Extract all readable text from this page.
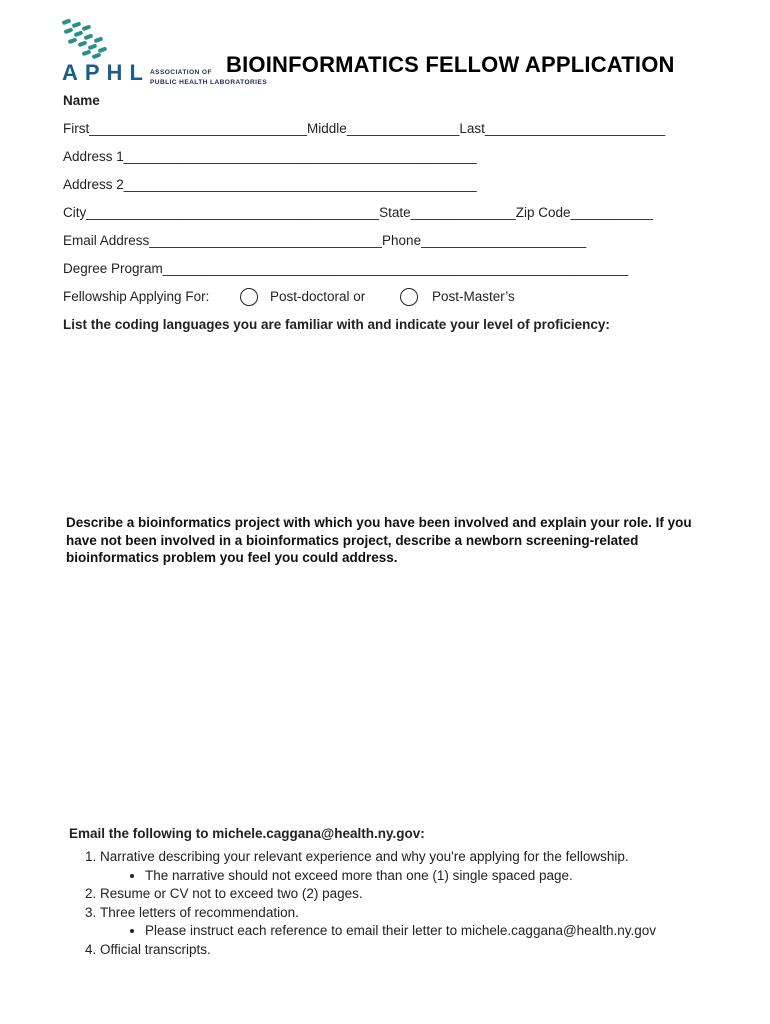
APHL ASSOCIATION OF
PUBLIC HEALTH LABORATORIES
BIOINFORMATICS FELLOW APPLICATION
Name
First_____________________________Middle_______________Last________________________
Address 1_______________________________________________
Address 2_______________________________________________
City_______________________________________State______________Zip Code___________
Email Address_______________________________Phone______________________
Degree Program______________________________________________________________
Fellowship Applying For:	Post-doctoral or	Post-Master’s
List the coding languages you are familiar with and indicate your level of proficiency:
Describe a bioinformatics project with which you have been involved and explain your role. If you
have not been involved in a bioinformatics project, describe a newborn screening-related
bioinformatics problem you feel you could address.
Email the following to michele.caggana@health.ny.gov:
1. Narrative describing your relevant experience and why you're applying for the fellowship.
• The narrative should not exceed more than one (1) single spaced page.
2. Resume or CV not to exceed two (2) pages.
3. Three letters of recommendation.
• Please instruct each reference to email their letter to michele.caggana@health.ny.gov
4. Official transcripts.
